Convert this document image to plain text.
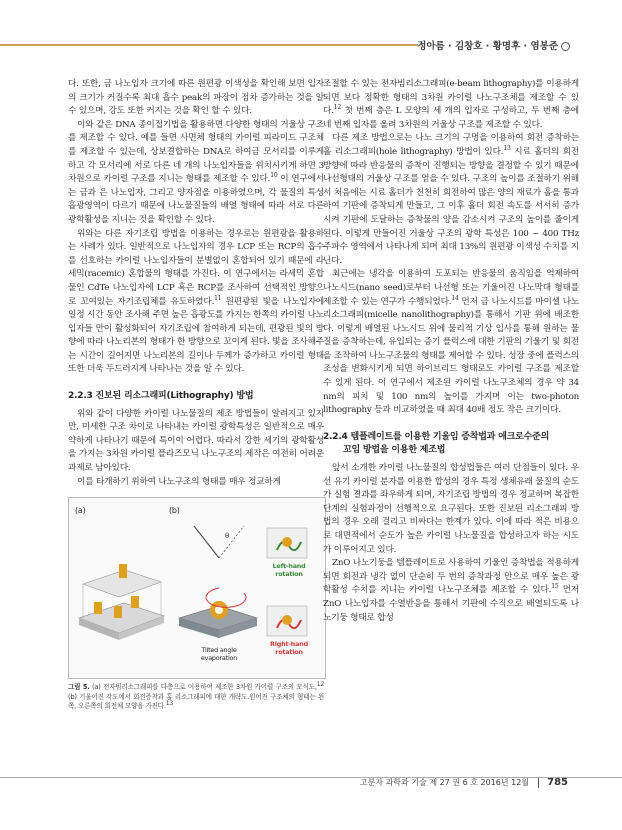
정아름 · 김창호 · 황명후 · 염봉준

다. 또한, 금 나노입자 크기에 따른 원편광 이색성을 확인해 보면 입자의 크기가 커질수록 최대 흡수 peak의 파장이 점차 증가하는 것을 알 수 있으며, 강도 또한 커지는 것을 확인 할 수 있다.

이와 같은 DNA 종이접기법을 활용하면 다양한 형태의 거울상 구조를 제조할 수 있다. 예를 들면 사면체 형태의 카이럴 피라미드 구조체를 제조할 수 있는데, 상보결합하는 DNA로 하여금 모서리를 이루게 하고 각 모서리에 서로 다른 네 개의 나노입자들을 위치시키게 하면 3차원으로 카이럴 구조를 지니는 형태를 제조할 수 있다.$^{10}$ 이 연구에서는 금과 은 나노입자, 그리고 양자점을 이용하였으며, 각 물질의 특성 흡광영역이 다르기 때문에 나노물질들의 배열 형태에 따라 서로 다른 광학활성을 지니는 것을 확인할 수 있다.

위와는 다른 자기조립 방법을 이용하는 경우로는 원편광을 활용하는 사례가 있다. 일반적으로 나노입자의 경우 LCP 또는 RCP의 흡수를 선호하는 카이럴 나노입자들이 분별없이 혼합되어 있기 때문에 라세믹(racemic) 혼합물의 형태를 가진다. 이 연구에서는 라세믹 혼합물인 CdTe 나노입자에 LCP 혹은 RCP를 조사하여 선택적인 방향으로 꼬여있는 자기조립체를 유도하였다.$^{11}$ 원편광된 빛을 나노입자에 일정 시간 동안 조사해 주면 높은 흡광도를 가지는 한쪽의 카이럴 나노입자들 만이 활성화되어 자기조립에 참여하게 되는데, 편광된 빛의 방향에 따라 나노리본의 형태가 한 방향으로 꼬이게 된다. 빛을 조사해주는 시간이 길어지면 나노리본의 길이나 두께가 증가하고 카이럴 형태 또한 더욱 두드러지게 나타나는 것을 알 수 있다.

2.2.3 진보된 리소그래피(Lithography) 방법

위와 같이 다양한 카이럴 나노물질의 제조 방법들이 알려지고 있지만, 미세한 구조 차이로 나타내는 카이럴 광학특성은 일반적으로 매우 약하게 나타나기 때문에 특이이 어렵다. 따라서 강한 세기의 광학활성을 가지는 3차원 카이럴 플라즈모닉 나노구조의 제작은 여전히 어려운 과제로 남아있다.

이를 타개하기 위하여 나노구조의 형태를 매우 정교하게

(a)	(b)
θ
Left-hand rotation
Tilted angle evaporation
Right-hand rotation
그림 5. (a) 전자빔리소그래피를 다층으로 이용하여 제조한 3차원 카이럴 구조의 모식도,$^{12}$ (b) 기울어진 각도에서 회전증착과 홀 리소그래피에 대한 개략도.원어진 구조체의 형태는 왼쪽, 오른쪽의 회전체 모양을 가진다.$^{13}$

조절할 수 있는 전자빔리소그래피(e-beam lithography)를 이용하게 되면 보다 정확한 형태의 3차원 카이럴 나노구조체를 제조할 수 있다.$^{12}$ 첫 번째 층은 L 모양의 세 개의 입자로 구성하고, 두 번째 층에 네 번째 입자를 올려 3차원의 거울상 구조를 제조할 수 있다.

다른 제조 방법으로는 나노 크기의 구멍을 이용하여 회전 증착하는 홀 리소그래피(hole lithography) 방법이 있다.$^{13}$ 시료 홀더의 회전 방향에 따라 반응물의 증착이 진행되는 방향을 결정할 수 있기 때문에 나선형태의 거울상 구조를 얻을 수 있다. 구조의 높이를 조절하기 위해서 처음에는 시료 홀더가 천천히 회전하여 많은 양의 재료가 홀을 통과하여 기판에 증착되게 만들고, 그 이후 홀더 회전 속도를 서서히 증가시켜 기판에 도달하는 증착물의 양을 감소시켜 구조의 높이를 줄이게 된다. 이렇게 만들어진 거울상 구조의 광학 특성은 100 ~ 400 THz 주파수 영역에서 나타나게 되며 최대 13%의 원편광 이색성 수치를 지닌다.

최근에는 냉각을 이용하여 도포되는 반응물의 움직임을 억제하여 나노시드(nano seed)로부터 나선형 또는 기울어진 나노막대 형태를 제조할 수 있는 연구가 수행되었다.$^{14}$ 먼저 금 나노시드를 마이셀 나노리소그래피(micelle nanolithography)를 통해서 기판 위에 배조한다. 이렇게 배열된 나노시드 위에 물리적 기상 입사를 통해 원하는 물질을 증착하는데, 유입되는 증기 플럭스에 대한 기판의 기울기 및 회전을 조작하여 나노구조물의 형태를 제어할 수 있다. 성장 중에 플럭스의 조성을 변화시키게 되면 하이브리드 형태로도 카이럴 구조를 제조할 수 있게 된다. 이 연구에서 제조된 카이럴 나노구조체의 경우 약 34 nm의 피치 및 100 nm의 높이를 가지며 이는 two-photon lithography 등과 비교하였을 때 최대 40배 정도 작은 크기이다.

2.2.4 템플레이트를 이용한 기울임 증착법과 애크로수준의
꼬임 방법을 이용한 제조법

앞서 소개한 카이럴 나노물질의 합성법들은 여러 단점들이 있다. 우선 유기 카이럴 분자를 이용한 합성의 경우 특정 생체유래 물질의 순도가 실험 결과를 좌우하게 되며, 자기조립 방법의 경우 정교하며 복잡한 단계의 실험과정이 선행적으로 요구된다. 또한 진보된 리소그래피 방법의 경우 오래 걸리고 비싸다는 한계가 있다. 이에 따라 적은 비용으로 대면적에서 순도가 높은 카이럴 나노물질을 합성하고자 하는 시도가 이루어지고 있다.

ZnO 나노기둥을 템플레이트로 사용하여 기울인 증착법을 적용하게 되면 회전과 냉각 없이 단순히 두 번의 증착과정 만으로 매우 높은 광학활성 수치를 지니는 카이럴 나노구조체를 제조할 수 있다.$^{15}$ 먼저 ZnO 나노입자를 수열반응을 통해서 기판에 수직으로 배열되도록 나노기둥 형태로 합성

고분자 과학과 기술 제 27 권 6 호 2016년 12월 785
